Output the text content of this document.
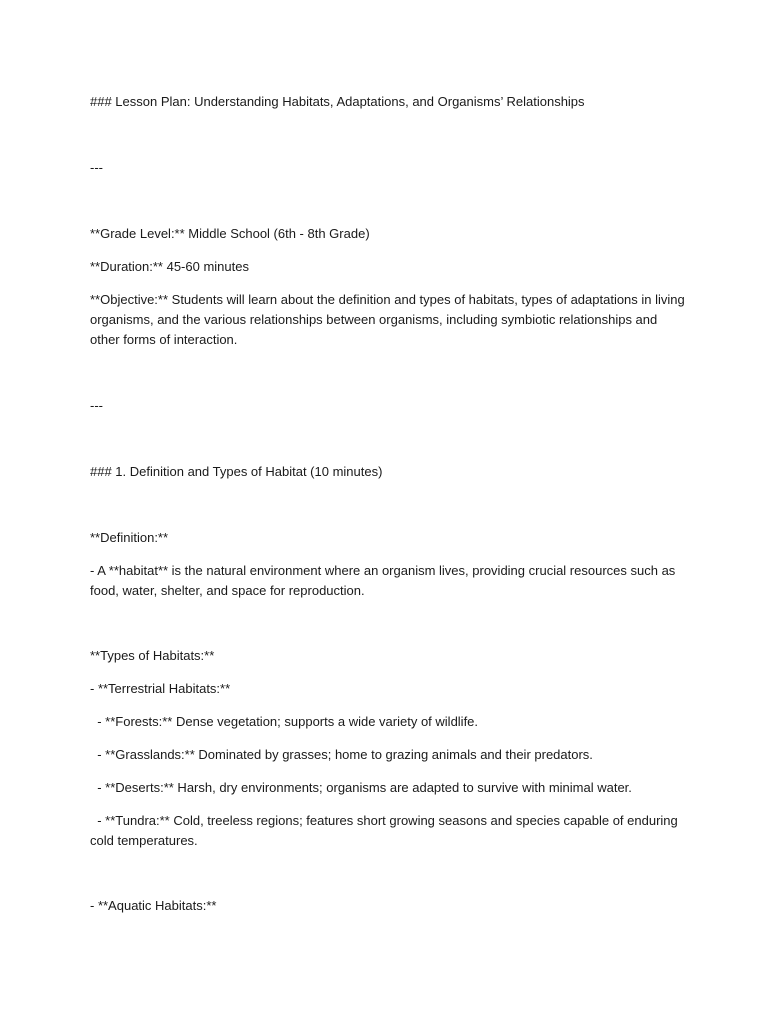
### Lesson Plan: Understanding Habitats, Adaptations, and Organisms’ Relationships
---
**Grade Level:** Middle School (6th - 8th Grade)
**Duration:** 45-60 minutes
**Objective:** Students will learn about the definition and types of habitats, types of adaptations in living organisms, and the various relationships between organisms, including symbiotic relationships and other forms of interaction.
---
### 1. Definition and Types of Habitat (10 minutes)
**Definition:**
- A **habitat** is the natural environment where an organism lives, providing crucial resources such as food, water, shelter, and space for reproduction.
**Types of Habitats:**
- **Terrestrial Habitats:**
- **Forests:** Dense vegetation; supports a wide variety of wildlife.
- **Grasslands:** Dominated by grasses; home to grazing animals and their predators.
- **Deserts:** Harsh, dry environments; organisms are adapted to survive with minimal water.
- **Tundra:** Cold, treeless regions; features short growing seasons and species capable of enduring cold temperatures.
- **Aquatic Habitats:**
